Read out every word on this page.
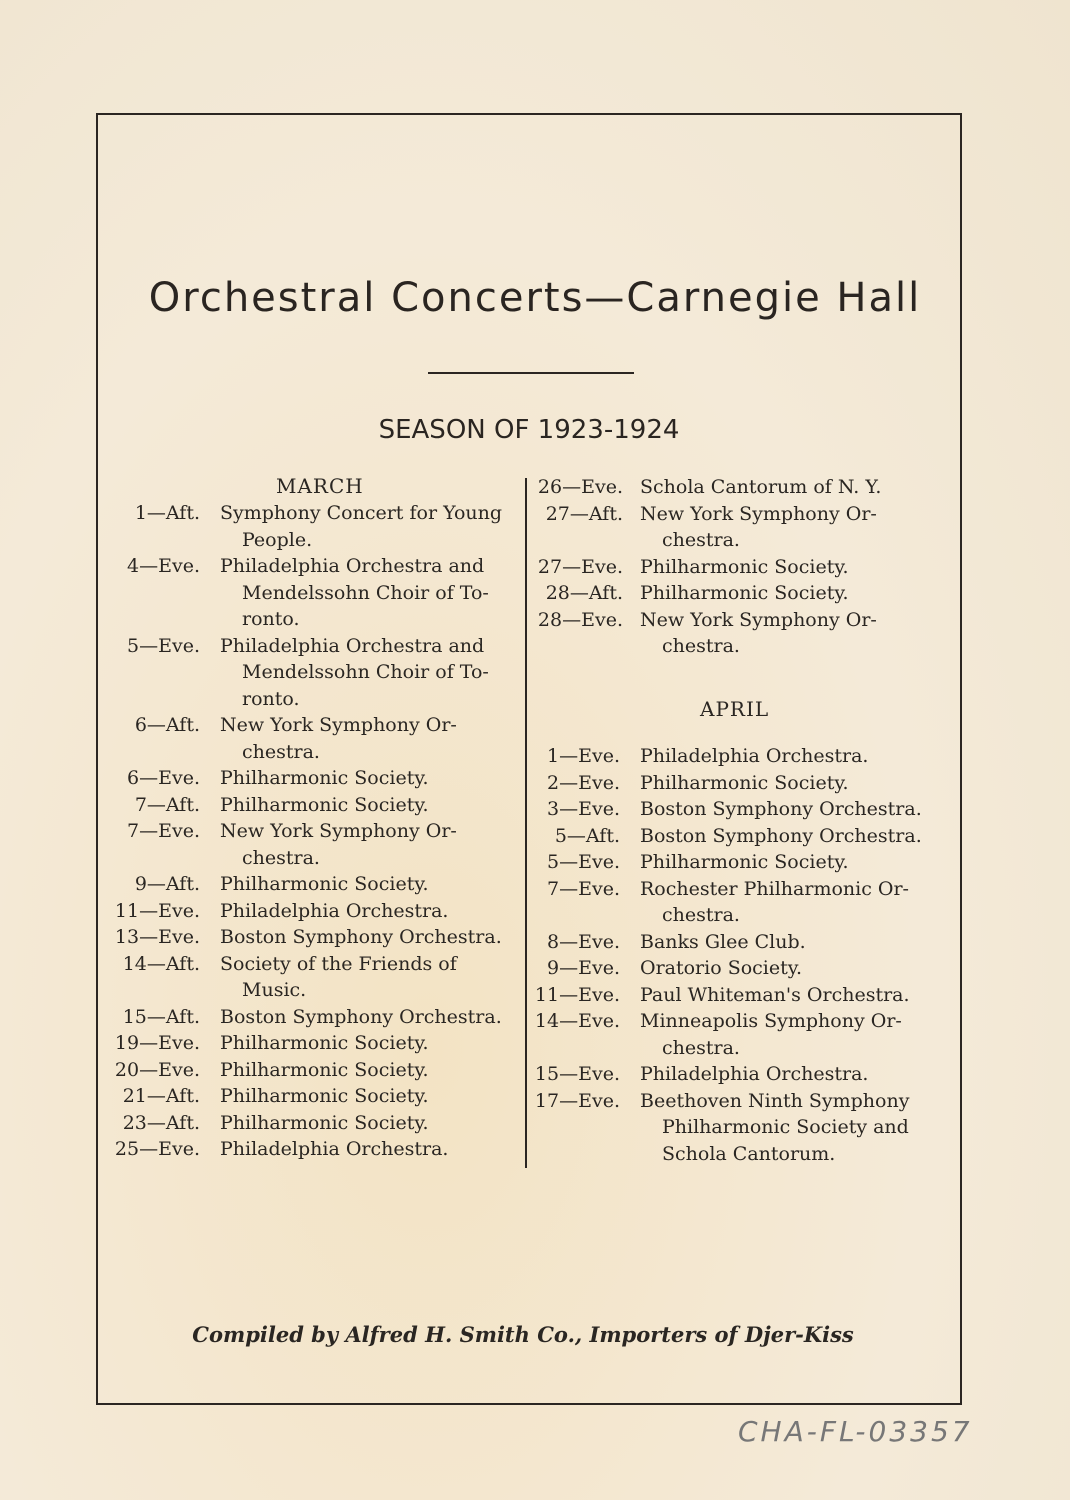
Orchestral Concerts—Carnegie Hall
SEASON OF 1923-1924
MARCH
APRIL
1—Aft. Symphony Concert for Young
People.
4—Eve. Philadelphia Orchestra and
Mendelssohn Choir of To-
ronto.
5—Eve. Philadelphia Orchestra and
Mendelssohn Choir of To-
ronto.
6—Aft. New York Symphony Or-
chestra.
6—Eve. Philharmonic Society.
7—Aft. Philharmonic Society.
7—Eve. New York Symphony Or-
chestra.
9—Aft. Philharmonic Society.
11—Eve. Philadelphia Orchestra.
13—Eve. Boston Symphony Orchestra.
14—Aft. Society of the Friends of
Music.
15—Aft. Boston Symphony Orchestra.
19—Eve. Philharmonic Society.
20—Eve. Philharmonic Society.
21—Aft. Philharmonic Society.
23—Aft. Philharmonic Society.
25—Eve. Philadelphia Orchestra.
26—Eve. Schola Cantorum of N. Y.
27—Aft. New York Symphony Or-
chestra.
27—Eve. Philharmonic Society.
28—Aft. Philharmonic Society.
28—Eve. New York Symphony Or-
chestra.
1—Eve. Philadelphia Orchestra.
2—Eve. Philharmonic Society.
3—Eve. Boston Symphony Orchestra.
5—Aft. Boston Symphony Orchestra.
5—Eve. Philharmonic Society.
7—Eve. Rochester Philharmonic Or-
chestra.
8—Eve. Banks Glee Club.
9—Eve. Oratorio Society.
11—Eve. Paul Whiteman's Orchestra.
14—Eve. Minneapolis Symphony Or-
chestra.
15—Eve. Philadelphia Orchestra.
17—Eve. Beethoven Ninth Symphony
Philharmonic Society and
Schola Cantorum.
Compiled by Alfred H. Smith Co., Importers of Djer-Kiss
CHA-FL-03357
